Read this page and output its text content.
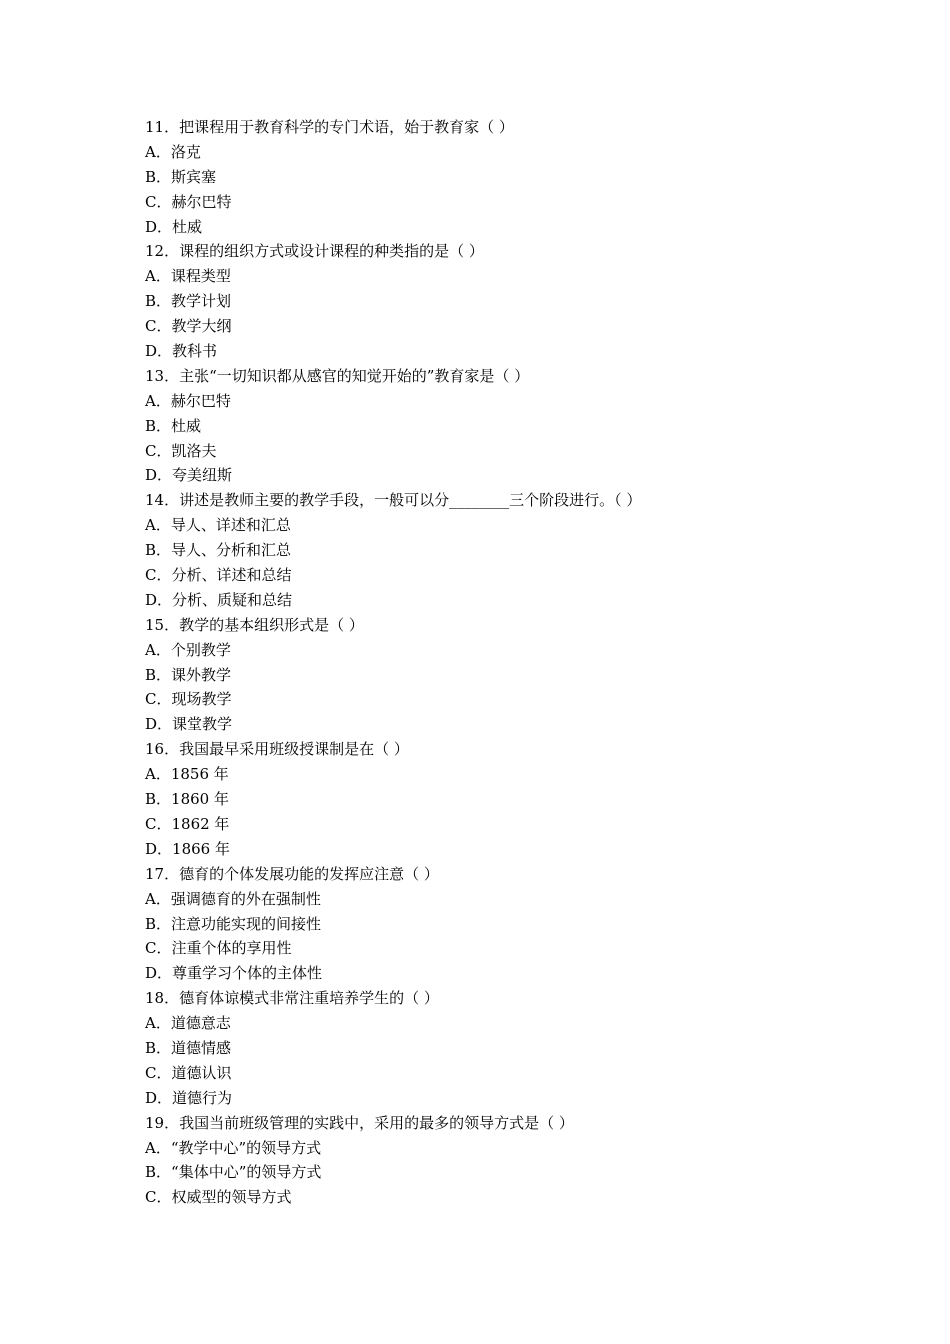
11．把课程用于教育科学的专门术语，始于教育家（ ）
A．洛克
B．斯宾塞
C．赫尔巴特
D．杜威
12．课程的组织方式或设计课程的种类指的是（ ）
A．课程类型
B．教学计划
C．教学大纲
D．教科书
13．主张“一切知识都从感官的知觉开始的”教育家是（ ）
A．赫尔巴特
B．杜威
C．凯洛夫
D．夸美纽斯
14．讲述是教师主要的教学手段，一般可以分________三个阶段进行。（ ）
A．导人、详述和汇总
B．导人、分析和汇总
C．分析、详述和总结
D．分析、质疑和总结
15．教学的基本组织形式是（ ）
A．个别教学
B．课外教学
C．现场教学
D．课堂教学
16．我国最早采用班级授课制是在（ ）
A．1856 年
B．1860 年
C．1862 年
D．1866 年
17．德育的个体发展功能的发挥应注意（ ）
A．强调德育的外在强制性
B．注意功能实现的间接性
C．注重个体的享用性
D．尊重学习个体的主体性
18．德育体谅模式非常注重培养学生的（ ）
A．道德意志
B．道德情感
C．道德认识
D．道德行为
19．我国当前班级管理的实践中，采用的最多的领导方式是（ ）
A．“教学中心”的领导方式
B．“集体中心”的领导方式
C．权威型的领导方式
